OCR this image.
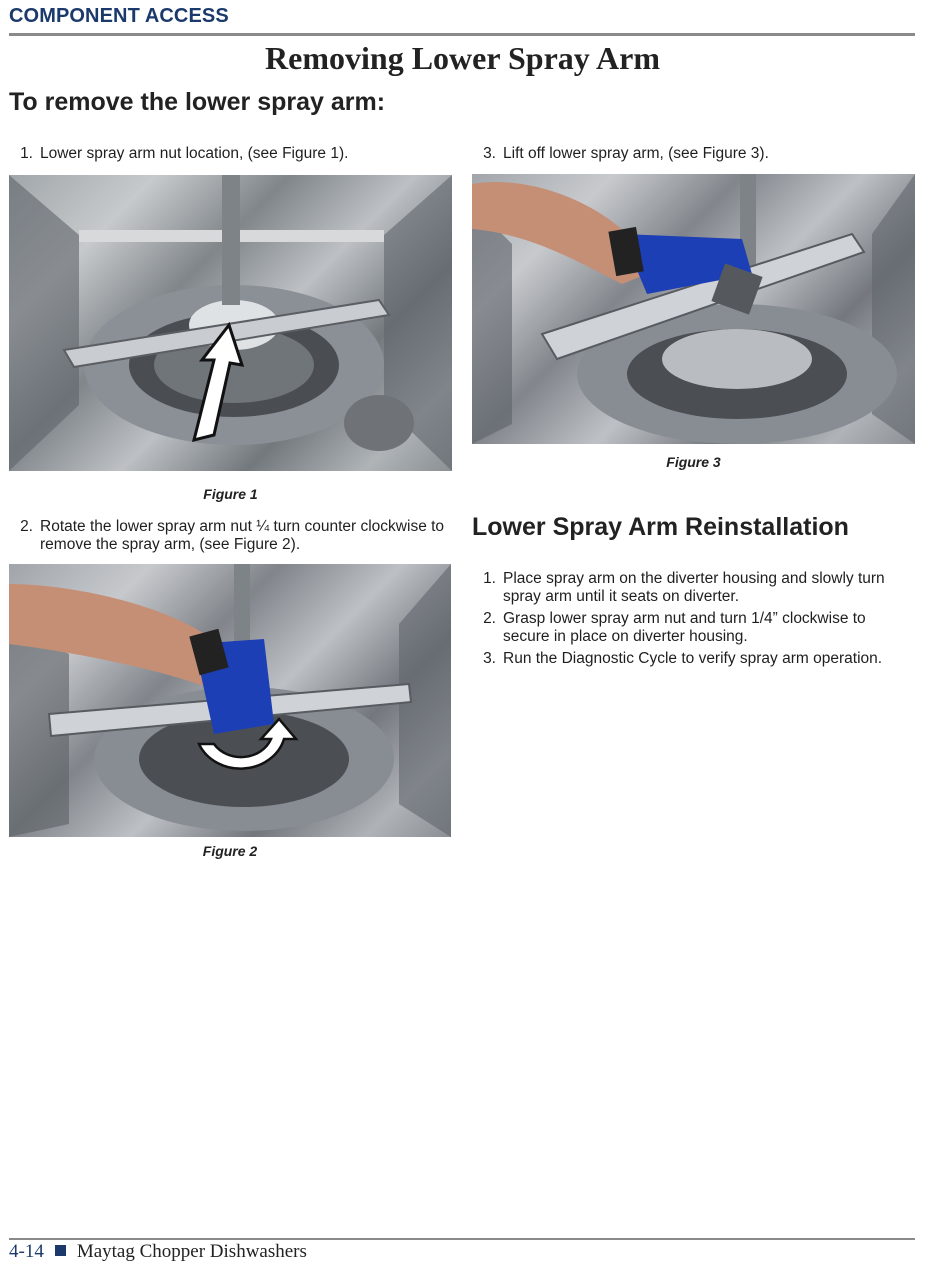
COMPONENT ACCESS
Removing Lower Spray Arm
To remove the lower spray arm:
1. Lower spray arm nut location, (see Figure 1).
Figure 1
2. Rotate the lower spray arm nut ¼ turn counter clockwise to remove the spray arm, (see Figure 2).
Figure 2
3. Lift off lower spray arm, (see Figure 3).
Figure 3
Lower Spray Arm Reinstallation
1. Place spray arm on the diverter housing and slowly turn spray arm until it seats on diverter.
2. Grasp lower spray arm nut and turn 1/4” clockwise to secure in place on diverter housing.
3. Run the Diagnostic Cycle to verify spray arm operation.
4-14 Maytag Chopper Dishwashers
